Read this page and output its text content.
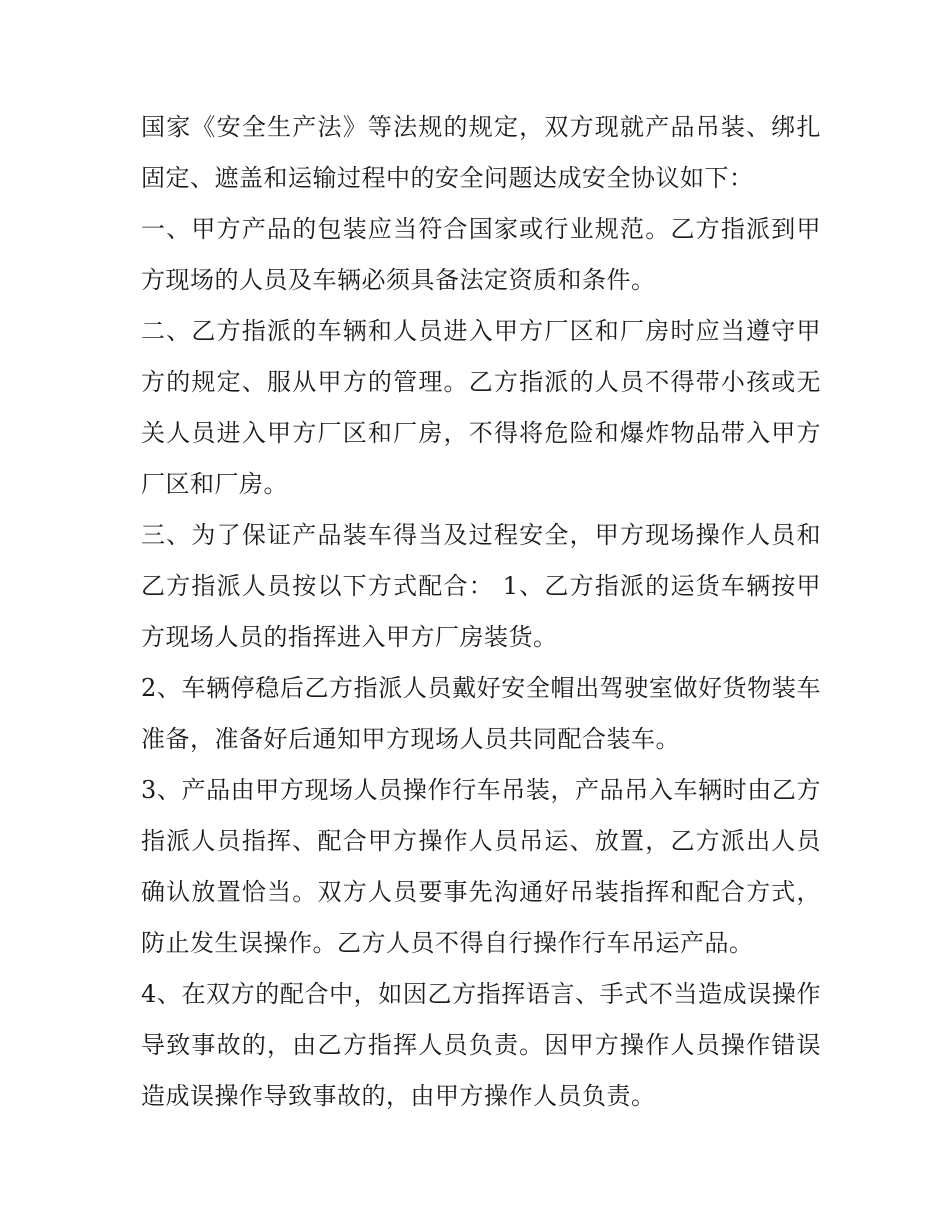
国家《安全生产法》等法规的规定，双方现就产品吊装、绑扎固定、遮盖和运输过程中的安全问题达成安全协议如下：

一、甲方产品的包装应当符合国家或行业规范。乙方指派到甲方现场的人员及车辆必须具备法定资质和条件。

二、乙方指派的车辆和人员进入甲方厂区和厂房时应当遵守甲方的规定、服从甲方的管理。乙方指派的人员不得带小孩或无关人员进入甲方厂区和厂房，不得将危险和爆炸物品带入甲方厂区和厂房。

三、为了保证产品装车得当及过程安全，甲方现场操作人员和乙方指派人员按以下方式配合： 1、乙方指派的运货车辆按甲方现场人员的指挥进入甲方厂房装货。

2、车辆停稳后乙方指派人员戴好安全帽出驾驶室做好货物装车准备，准备好后通知甲方现场人员共同配合装车。

3、产品由甲方现场人员操作行车吊装，产品吊入车辆时由乙方指派人员指挥、配合甲方操作人员吊运、放置，乙方派出人员确认放置恰当。双方人员要事先沟通好吊装指挥和配合方式，防止发生误操作。乙方人员不得自行操作行车吊运产品。

4、在双方的配合中，如因乙方指挥语言、手式不当造成误操作导致事故的，由乙方指挥人员负责。因甲方操作人员操作错误造成误操作导致事故的，由甲方操作人员负责。
